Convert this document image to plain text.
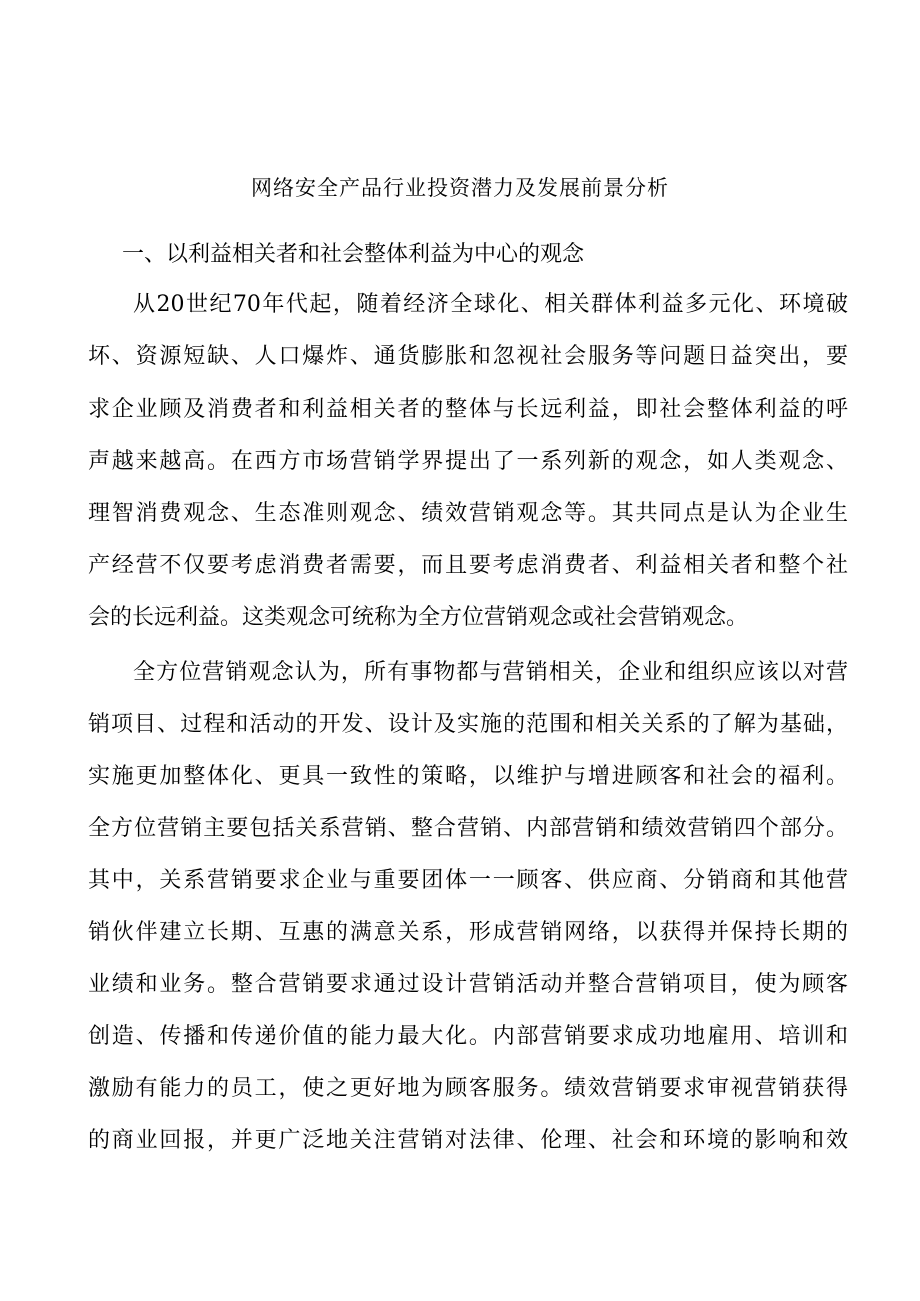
网络安全产品行业投资潜力及发展前景分析
一、以利益相关者和社会整体利益为中心的观念
从20世纪70年代起，随着经济全球化、相关群体利益多元化、环境破
坏、资源短缺、人口爆炸、通货膨胀和忽视社会服务等问题日益突出，要
求企业顾及消费者和利益相关者的整体与长远利益，即社会整体利益的呼
声越来越高。在西方市场营销学界提出了一系列新的观念，如人类观念、
理智消费观念、生态准则观念、绩效营销观念等。其共同点是认为企业生
产经营不仅要考虑消费者需要，而且要考虑消费者、利益相关者和整个社
会的长远利益。这类观念可统称为全方位营销观念或社会营销观念。
全方位营销观念认为，所有事物都与营销相关，企业和组织应该以对营
销项目、过程和活动的开发、设计及实施的范围和相关关系的了解为基础，
实施更加整体化、更具一致性的策略，以维护与增进顾客和社会的福利。
全方位营销主要包括关系营销、整合营销、内部营销和绩效营销四个部分。
其中，关系营销要求企业与重要团体一一顾客、供应商、分销商和其他营
销伙伴建立长期、互惠的满意关系，形成营销网络，以获得并保持长期的
业绩和业务。整合营销要求通过设计营销活动并整合营销项目，使为顾客
创造、传播和传递价值的能力最大化。内部营销要求成功地雇用、培训和
激励有能力的员工，使之更好地为顾客服务。绩效营销要求审视营销获得
的商业回报，并更广泛地关注营销对法律、伦理、社会和环境的影响和效
